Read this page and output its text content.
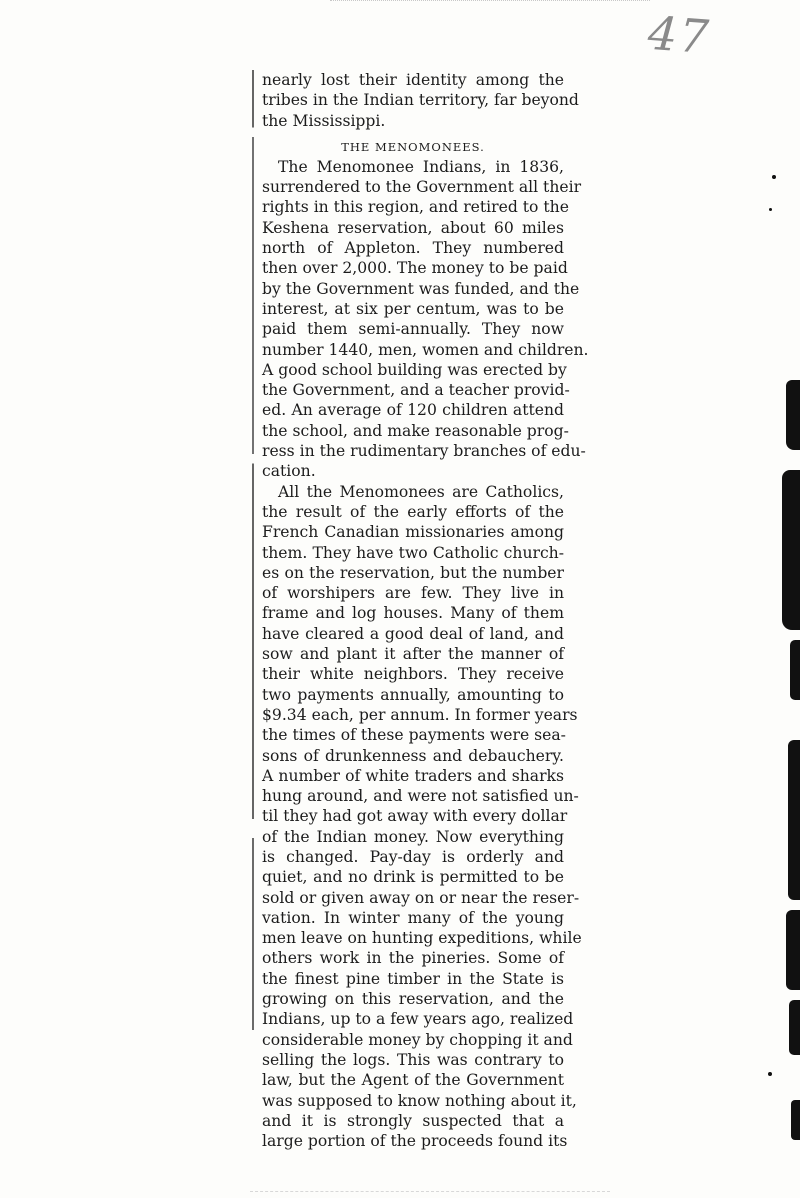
47
nearly lost their identity among the
tribes in the Indian territory, far beyond
the Mississippi.
THE MENOMONEES.
The Menomonee Indians, in 1836,
surrendered to the Government all their
rights in this region, and retired to the
Keshena reservation, about 60 miles
north of Appleton. They numbered
then over 2,000. The money to be paid
by the Government was funded, and the
interest, at six per centum, was to be
paid them semi-annually. They now
number 1440, men, women and children.
A good school building was erected by
the Government, and a teacher provid-
ed. An average of 120 children attend
the school, and make reasonable prog-
ress in the rudimentary branches of edu-
cation.
All the Menomonees are Catholics,
the result of the early efforts of the
French Canadian missionaries among
them. They have two Catholic church-
es on the reservation, but the number
of worshipers are few. They live in
frame and log houses. Many of them
have cleared a good deal of land, and
sow and plant it after the manner of
their white neighbors. They receive
two payments annually, amounting to
$9.34 each, per annum. In former years
the times of these payments were sea-
sons of drunkenness and debauchery.
A number of white traders and sharks
hung around, and were not satisfied un-
til they had got away with every dollar
of the Indian money. Now everything
is changed. Pay-day is orderly and
quiet, and no drink is permitted to be
sold or given away on or near the reser-
vation. In winter many of the young
men leave on hunting expeditions, while
others work in the pineries. Some of
the finest pine timber in the State is
growing on this reservation, and the
Indians, up to a few years ago, realized
considerable money by chopping it and
selling the logs. This was contrary to
law, but the Agent of the Government
was supposed to know nothing about it,
and it is strongly suspected that a
large portion of the proceeds found its
